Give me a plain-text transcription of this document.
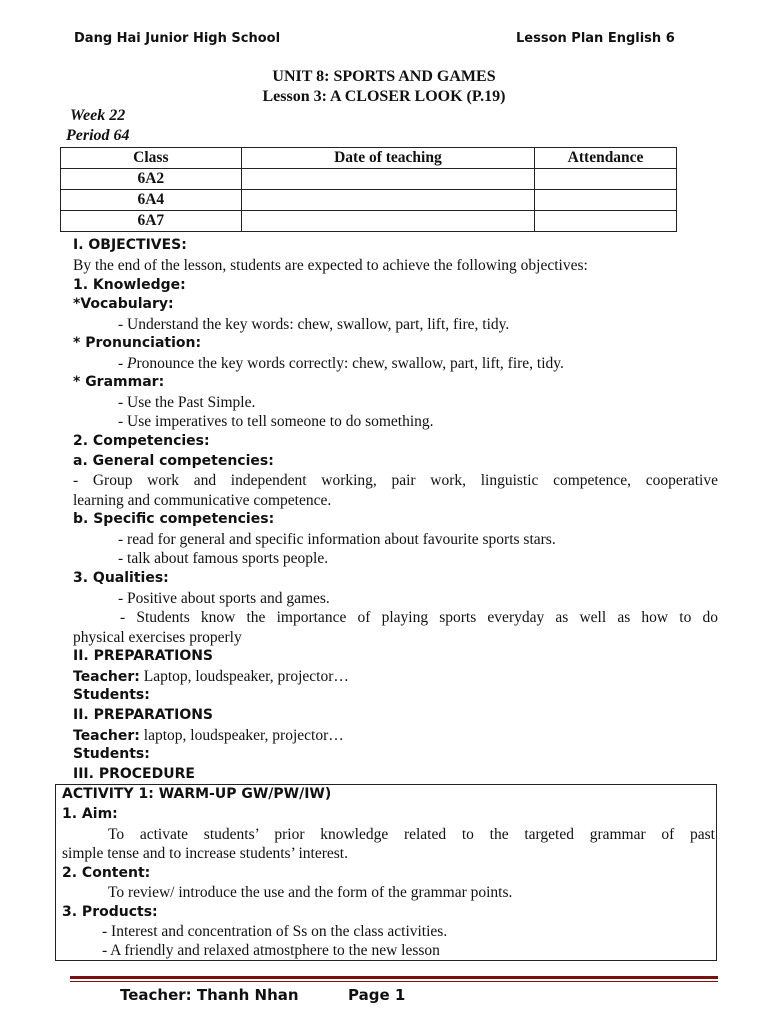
Dang Hai Junior High School	Lesson Plan English 6
UNIT 8: SPORTS AND GAMES
Lesson 3: A CLOSER LOOK (P.19)
Week 22
Period 64
Class	Date of teaching	Attendance
6A2		
6A4		
6A7		
I. OBJECTIVES:
By the end of the lesson, students are expected to achieve the following objectives:
1. Knowledge:
*Vocabulary:
- Understand the key words: chew, swallow, part, lift, fire, tidy.
* Pronunciation:
- Pronounce the key words correctly: chew, swallow, part, lift, fire, tidy.
* Grammar:
- Use the Past Simple.
- Use imperatives to tell someone to do something.
2. Competencies:
a. General competencies:
- Group work and independent working, pair work, linguistic competence, cooperative
learning and communicative competence.
b. Specific competencies:
- read for general and specific information about favourite sports stars.
- talk about famous sports people.
3. Qualities:
- Positive about sports and games.
- Students know the importance of playing sports everyday as well as how to do
physical exercises properly
II. PREPARATIONS
Teacher: Laptop, loudspeaker, projector…
Students:
II. PREPARATIONS
Teacher: laptop, loudspeaker, projector…
Students:
III. PROCEDURE
ACTIVITY 1: WARM-UP GW/PW/IW)
1. Aim:
To activate students’ prior knowledge related to the targeted grammar of past
simple tense and to increase students’ interest.
2. Content:
To review/ introduce the use and the form of the grammar points.
3. Products:
- Interest and concentration of Ss on the class activities.
- A friendly and relaxed atmostphere to the new lesson
Teacher: Thanh Nhan	Page 1
